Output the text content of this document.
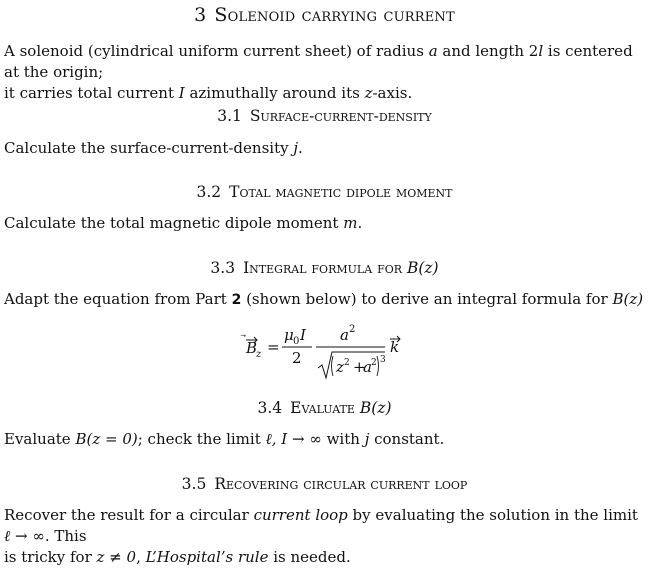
3 Solenoid carrying current
A solenoid (cylindrical uniform current sheet) of radius a and length 2l is centered at the origin;
it carries total current I azimuthally around its z-axis.
3.1 Surface-current-density
Calculate the surface-current-density j.
3.2 Total magnetic dipole moment
Calculate the total magnetic dipole moment m.
3.3 Integral formula for B(z)
Adapt the equation from Part 2 (shown below) to derive an integral formula for B(z)
B
z =
μ 0 I
2
a 2
z 2 +
a 2 3
k
3.4 Evaluate B(z)
Evaluate B(z = 0); check the limit ℓ, I → ∞ with j constant.
3.5 Recovering circular current loop
Recover the result for a circular current loop by evaluating the solution in the limit ℓ → ∞. This
is tricky for z ≠ 0, L’Hospital’s rule is needed.
